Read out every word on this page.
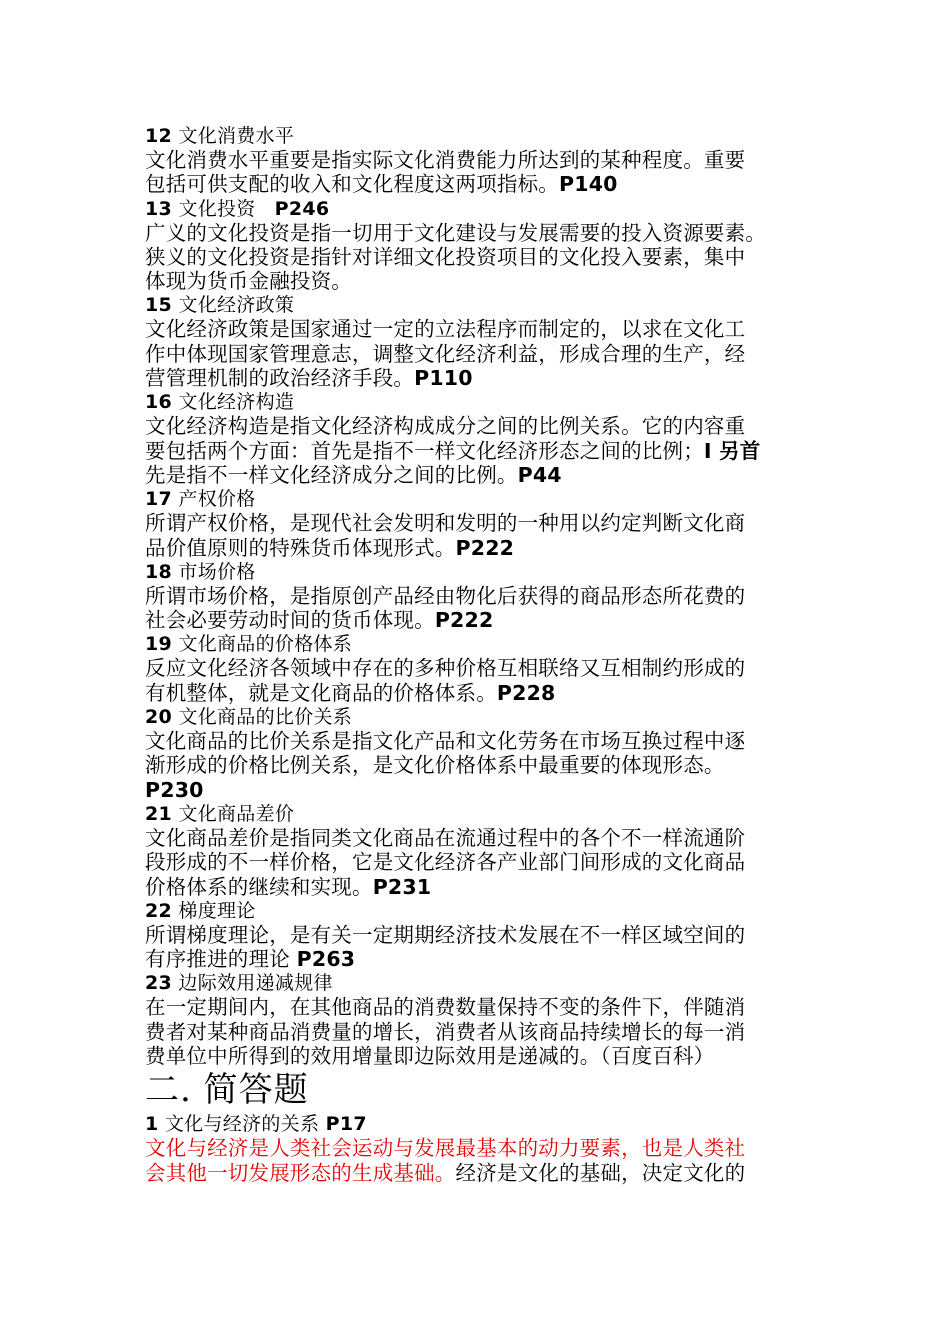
12 文化消费水平
文化消费水平重要是指实际文化消费能力所达到的某种程度。重要
包括可供支配的收入和文化程度这两项指标。P140
13 文化投资 P246
广义的文化投资是指一切用于文化建设与发展需要的投入资源要素。
狭义的文化投资是指针对详细文化投资项目的文化投入要素，集中
体现为货币金融投资。
15 文化经济政策
文化经济政策是国家通过一定的立法程序而制定的，以求在文化工
作中体现国家管理意志，调整文化经济利益，形成合理的生产，经
营管理机制的政治经济手段。P110
16 文化经济构造
文化经济构造是指文化经济构成成分之间的比例关系。它的内容重
要包括两个方面：首先是指不一样文化经济形态之间的比例；I 另首
先是指不一样文化经济成分之间的比例。P44
17 产权价格
所谓产权价格，是现代社会发明和发明的一种用以约定判断文化商
品价值原则的特殊货币体现形式。P222
18 市场价格
所谓市场价格，是指原创产品经由物化后获得的商品形态所花费的
社会必要劳动时间的货币体现。P222
19 文化商品的价格体系
反应文化经济各领域中存在的多种价格互相联络又互相制约形成的
有机整体，就是文化商品的价格体系。P228
20 文化商品的比价关系
文化商品的比价关系是指文化产品和文化劳务在市场互换过程中逐
渐形成的价格比例关系，是文化价格体系中最重要的体现形态。
P230
21 文化商品差价
文化商品差价是指同类文化商品在流通过程中的各个不一样流通阶
段形成的不一样价格，它是文化经济各产业部门间形成的文化商品
价格体系的继续和实现。P231
22 梯度理论
所谓梯度理论，是有关一定期期经济技术发展在不一样区域空间的
有序推进的理论 P263
23 边际效用递减规律
在一定期间内，在其他商品的消费数量保持不变的条件下，伴随消
费者对某种商品消费量的增长，消费者从该商品持续增长的每一消
费单位中所得到的效用增量即边际效用是递减的。（百度百科）
二. 简答题
1 文化与经济的关系 P17
文化与经济是人类社会运动与发展最基本的动力要素，也是人类社
会其他一切发展形态的生成基础。经济是文化的基础，决定文化的
